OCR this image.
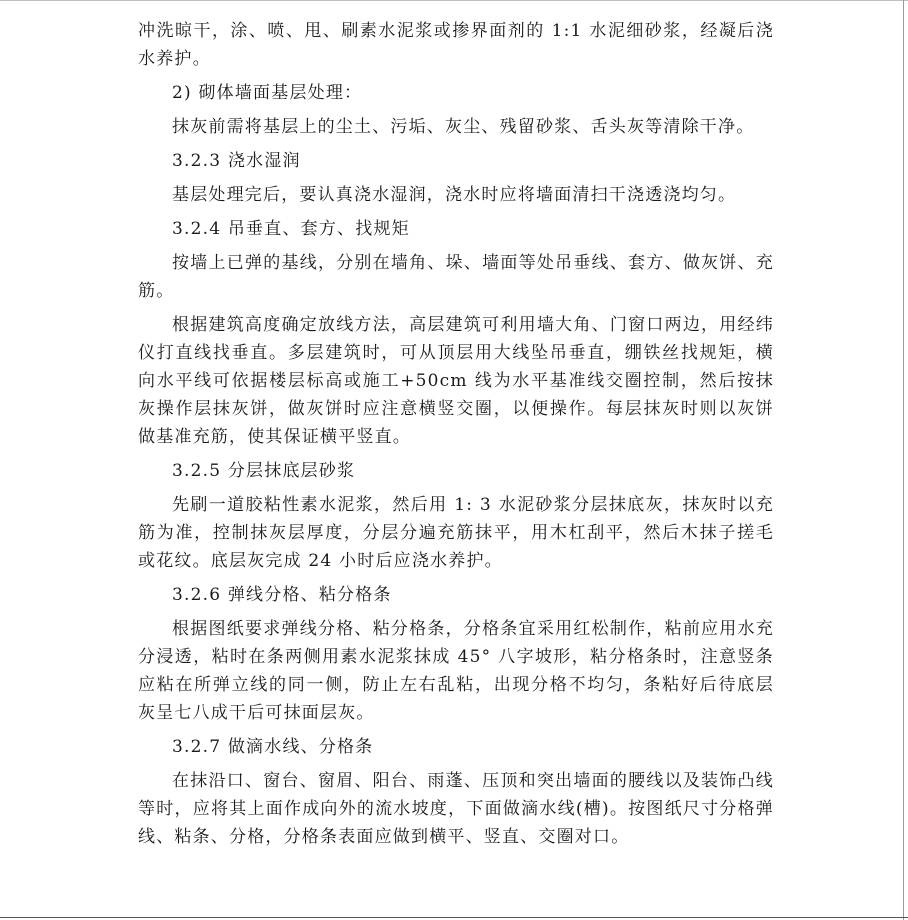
冲洗晾干，涂、喷、甩、刷素水泥浆或掺界面剂的 1:1 水泥细砂浆，经凝后浇水养护。

2) 砌体墙面基层处理：

抹灰前需将基层上的尘土、污垢、灰尘、残留砂浆、舌头灰等清除干净。

3.2.3 浇水湿润

基层处理完后，要认真浇水湿润，浇水时应将墙面清扫干浇透浇均匀。

3.2.4 吊垂直、套方、找规矩

按墙上已弹的基线，分别在墙角、垛、墙面等处吊垂线、套方、做灰饼、充筋。

根据建筑高度确定放线方法，高层建筑可利用墙大角、门窗口两边，用经纬仪打直线找垂直。多层建筑时，可从顶层用大线坠吊垂直，绷铁丝找规矩，横向水平线可依据楼层标高或施工+50cm 线为水平基准线交圈控制，然后按抹灰操作层抹灰饼，做灰饼时应注意横竖交圈，以便操作。每层抹灰时则以灰饼做基准充筋，使其保证横平竖直。

3.2.5 分层抹底层砂浆

先刷一道胶粘性素水泥浆，然后用 1: 3 水泥砂浆分层抹底灰，抹灰时以充筋为准，控制抹灰层厚度，分层分遍充筋抹平，用木杠刮平，然后木抹子搓毛或花纹。底层灰完成 24 小时后应浇水养护。

3.2.6 弹线分格、粘分格条

根据图纸要求弹线分格、粘分格条，分格条宜采用红松制作，粘前应用水充分浸透，粘时在条两侧用素水泥浆抹成 45° 八字坡形，粘分格条时，注意竖条应粘在所弹立线的同一侧，防止左右乱粘，出现分格不均匀，条粘好后待底层灰呈七八成干后可抹面层灰。

3.2.7 做滴水线、分格条

在抹沿口、窗台、窗眉、阳台、雨蓬、压顶和突出墙面的腰线以及装饰凸线等时，应将其上面作成向外的流水坡度，下面做滴水线(槽)。按图纸尺寸分格弹线、粘条、分格，分格条表面应做到横平、竖直、交圈对口。
